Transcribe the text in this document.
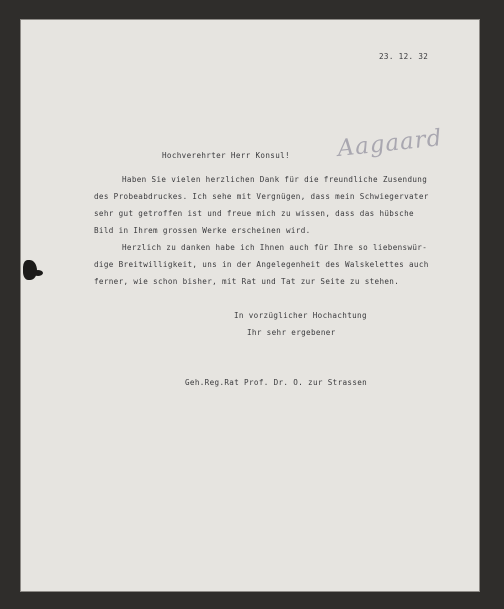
23. 12. 32
Hochverehrter Herr Konsul! Aagaard
Haben Sie vielen herzlichen Dank für die freundliche Zusendung
des Probeabdruckes. Ich sehe mit Vergnügen, dass mein Schwiegervater
sehr gut getroffen ist und freue mich zu wissen, dass das hübsche
Bild in Ihrem grossen Werke erscheinen wird.
Herzlich zu danken habe ich Ihnen auch für Ihre so liebenswür-
dige Breitwilligkeit, uns in der Angelegenheit des Walskelettes auch
ferner, wie schon bisher, mit Rat und Tat zur Seite zu stehen.
In vorzüglicher Hochachtung
Ihr sehr ergebener
Geh.Reg.Rat Prof. Dr. O. zur Strassen
